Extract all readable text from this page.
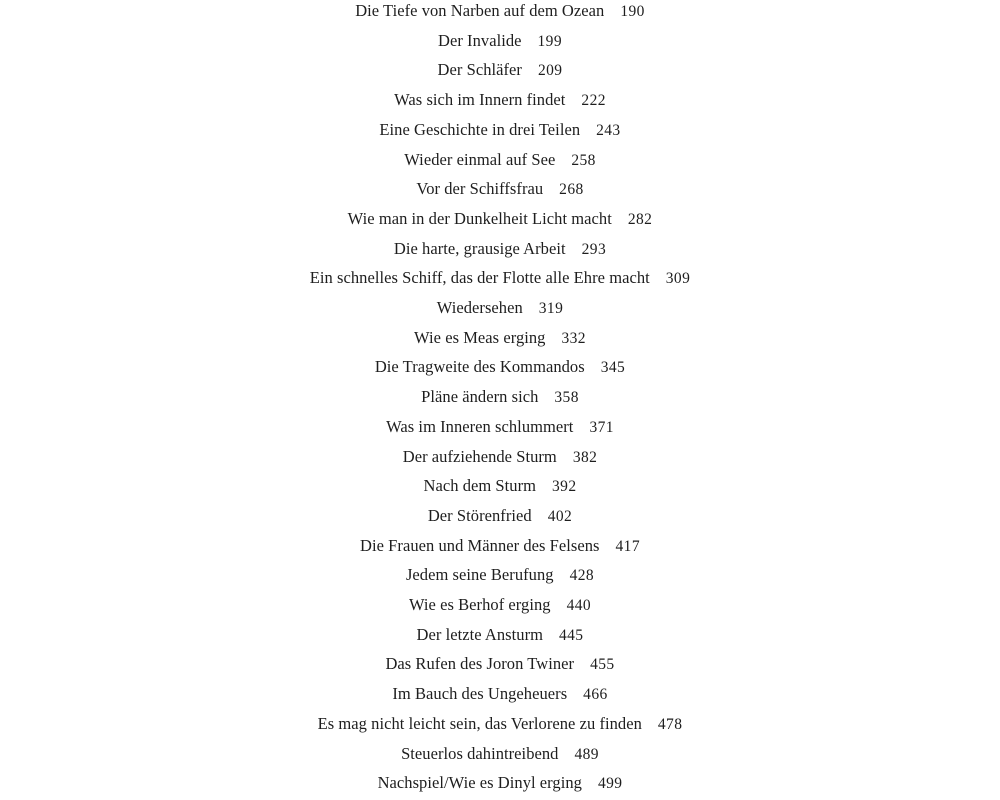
Die Tiefe von Narben auf dem Ozean 190
Der Invalide 199
Der Schläfer 209
Was sich im Innern findet 222
Eine Geschichte in drei Teilen 243
Wieder einmal auf See 258
Vor der Schiffsfrau 268
Wie man in der Dunkelheit Licht macht 282
Die harte, grausige Arbeit 293
Ein schnelles Schiff, das der Flotte alle Ehre macht 309
Wiedersehen 319
Wie es Meas erging 332
Die Tragweite des Kommandos 345
Pläne ändern sich 358
Was im Inneren schlummert 371
Der aufziehende Sturm 382
Nach dem Sturm 392
Der Störenfried 402
Die Frauen und Männer des Felsens 417
Jedem seine Berufung 428
Wie es Berhof erging 440
Der letzte Ansturm 445
Das Rufen des Joron Twiner 455
Im Bauch des Ungeheuers 466
Es mag nicht leicht sein, das Verlorene zu finden 478
Steuerlos dahintreibend 489
Nachspiel/Wie es Dinyl erging 499
